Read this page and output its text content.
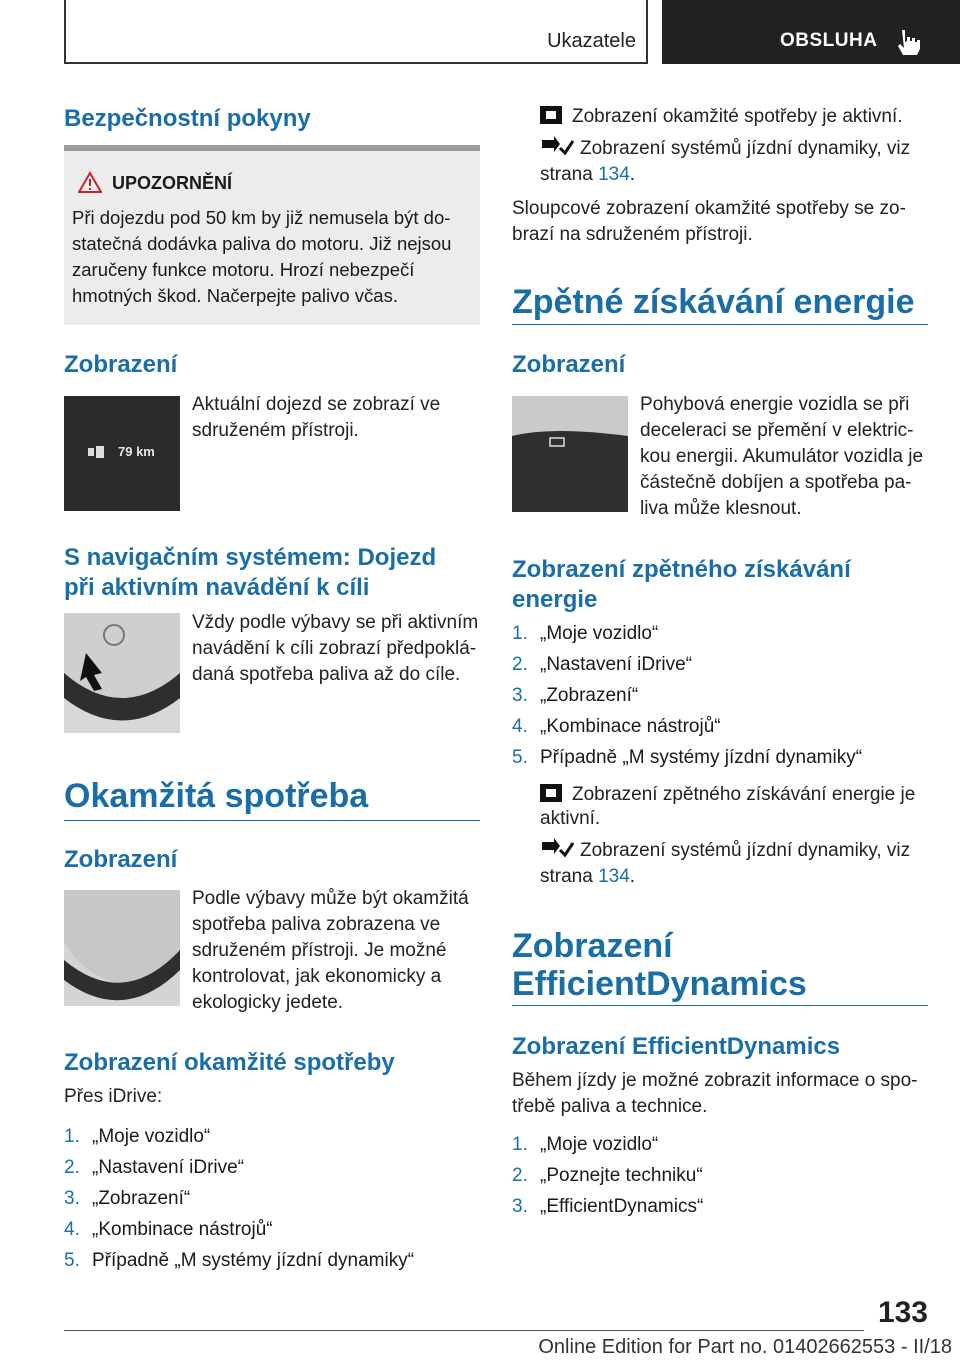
Ukazatele	OBSLUHA
Bezpečnostní pokyny
UPOZORNĚNÍ
Při dojezdu pod 50 km by již nemusela být do-
statečná dodávka paliva do motoru. Již nejsou
zaručeny funkce motoru. Hrozí nebezpečí
hmotných škod. Načerpejte palivo včas.
Zobrazení
79 km

Aktuální dojezd se zobrazí ve
sdruženém přístroji.

S navigačním systémem: Dojezd
při aktivním navádění k cíli

Vždy podle výbavy se při aktivním
navádění k cíli zobrazí předpoklá-
daná spotřeba paliva až do cíle.

Okamžitá spotřeba
Zobrazení

Podle výbavy může být okamžitá
spotřeba paliva zobrazena ve
sdruženém přístroji. Je možné
kontrolovat, jak ekonomicky a
ekologicky jedete.

Zobrazení okamžité spotřeby

Přes iDrive:

1. „Moje vozidlo“
2. „Nastavení iDrive“
3. „Zobrazení“
4. „Kombinace nástrojů“
5. Případně „M systémy jízdní dynamiky“

Zobrazení okamžité spotřeby je aktivní.

Zobrazení systémů jízdní dynamiky, viz

strana 134.

Sloupcové zobrazení okamžité spotřeby se zo-
brazí na sdruženém přístroji.

Zpětné získávání energie
Zobrazení

Pohybová energie vozidla se při
deceleraci se přemění v elektric-
kou energii. Akumulátor vozidla je
částečně dobíjen a spotřeba pa-
liva může klesnout.

Zobrazení zpětného získávání
energie
1. „Moje vozidlo“
2. „Nastavení iDrive“
3. „Zobrazení“
4. „Kombinace nástrojů“
5. Případně „M systémy jízdní dynamiky“

Zobrazení zpětného získávání energie je

aktivní.

Zobrazení systémů jízdní dynamiky, viz

strana 134.

Zobrazení
EfficientDynamics
Zobrazení EfficientDynamics

Během jízdy je možné zobrazit informace o spo-
třebě paliva a technice.

1. „Moje vozidlo“
2. „Poznejte techniku“
3. „EfficientDynamics“
133
Online Edition for Part no. 01402662553 - II/18
